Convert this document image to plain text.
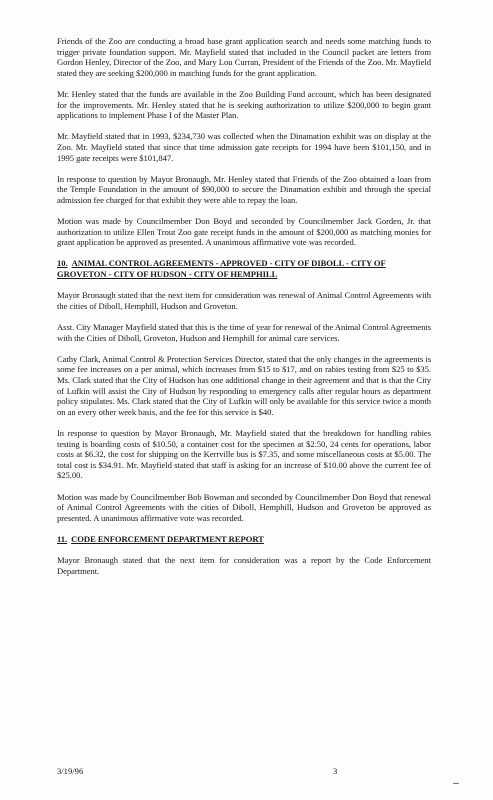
Friends of the Zoo are conducting a broad base grant application search and needs some matching funds to trigger private foundation support. Mr. Mayfield stated that included in the Council packet are letters from Gordon Henley, Director of the Zoo, and Mary Lou Curran, President of the Friends of the Zoo. Mr. Mayfield stated they are seeking $200,000 in matching funds for the grant application.

Mr. Henley stated that the funds are available in the Zoo Building Fund account, which has been designated for the improvements. Mr. Henley stated that he is seeking authorization to utilize $200,000 to begin grant applications to implement Phase I of the Master Plan.

Mr. Mayfield stated that in 1993, $234,730 was collected when the Dinamation exhibit was on display at the Zoo. Mr. Mayfield stated that since that time admission gate receipts for 1994 have been $101,150, and in 1995 gate receipts were $101,847.

In response to question by Mayor Bronaugh, Mr. Henley stated that Friends of the Zoo obtained a loan from the Temple Foundation in the amount of $90,000 to secure the Dinamation exhibit and through the special admission fee charged for that exhibit they were able to repay the loan.

Motion was made by Councilmember Don Boyd and seconded by Councilmember Jack Gorden, Jr. that authorization to utilize Ellen Trout Zoo gate receipt funds in the amount of $200,000 as matching monies for grant application be approved as presented. A unanimous affirmative vote was recorded.

10. ANIMAL CONTROL AGREEMENTS - APPROVED - CITY OF DIBOLL - CITY OF GROVETON - CITY OF HUDSON - CITY OF HEMPHILL

Mayor Bronaugh stated that the next item for consideration was renewal of Animal Control Agreements with the cities of Diboll, Hemphill, Hudson and Groveton.

Asst. City Manager Mayfield stated that this is the time of year for renewal of the Animal Control Agreements with the Cities of Diboll, Groveton, Hudson and Hemphill for animal care services.

Cathy Clark, Animal Control & Protection Services Director, stated that the only changes in the agreements is some fee increases on a per animal, which increases from $15 to $17, and on rabies testing from $25 to $35. Ms. Clark stated that the City of Hudson has one additional change in their agreement and that is that the City of Lufkin will assist the City of Hudson by responding to emergency calls after regular hours as department policy stipulates. Ms. Clark stated that the City of Lufkin will only be available for this service twice a month on an every other week basis, and the fee for this service is $40.

In response to question by Mayor Bronaugh, Mr. Mayfield stated that the breakdown for handling rabies testing is boarding costs of $10.50, a container cost for the specimen at $2.50, 24 cents for operations, labor costs at $6.32, the cost for shipping on the Kerrville bus is $7.35, and some miscellaneous costs at $5.00. The total cost is $34.91. Mr. Mayfield stated that staff is asking for an increase of $10.00 above the current fee of $25.00.

Motion was made by Councilmember Bob Bowman and seconded by Councilmember Don Boyd that renewal of Animal Control Agreements with the cities of Diboll, Hemphill, Hudson and Groveton be approved as presented. A unanimous affirmative vote was recorded.

11. CODE ENFORCEMENT DEPARTMENT REPORT

Mayor Bronaugh stated that the next item for consideration was a report by the Code Enforcement Department.

3/19/96	3
